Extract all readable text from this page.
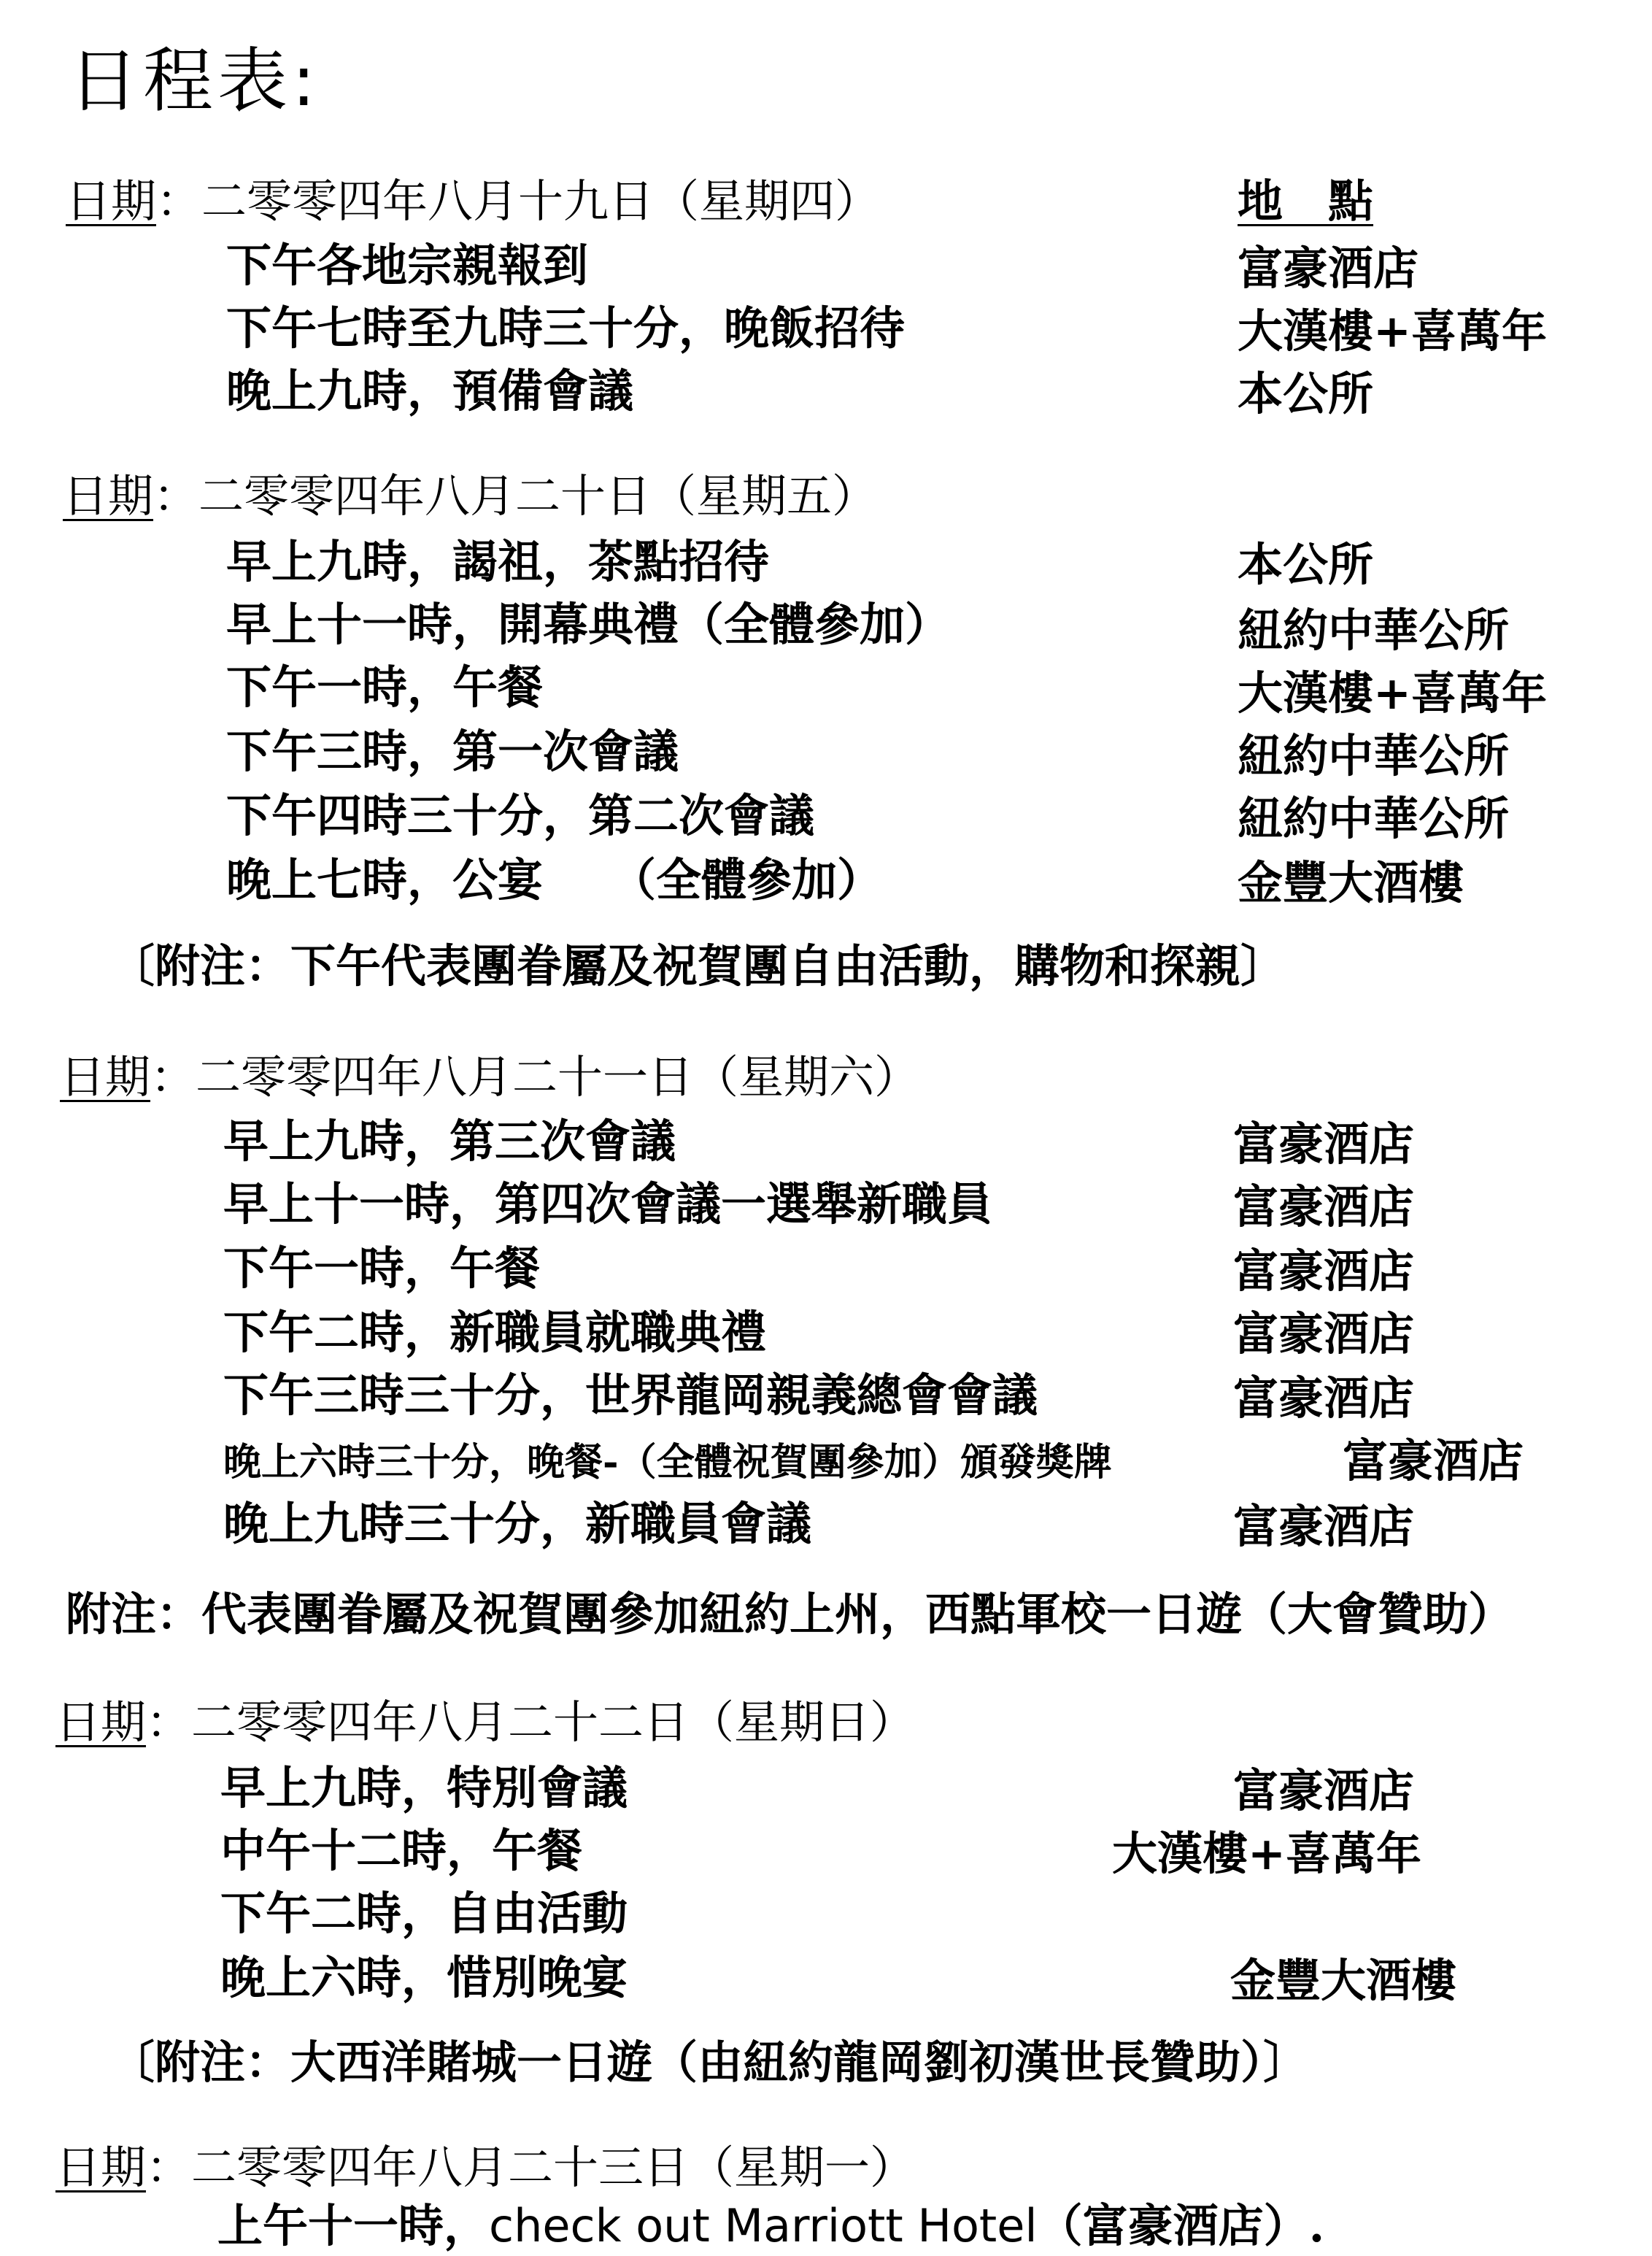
日程表:
日期：二零零四年八月十九日（星期四）	地　點
下午各地宗親報到	富豪酒店
下午七時至九時三十分，晚飯招待	大漢樓+喜萬年
晚上九時，預備會議	本公所
日期：二零零四年八月二十日（星期五）
早上九時，謁祖，茶點招待	本公所
早上十一時，開幕典禮（全體參加）	紐約中華公所
下午一時，午餐	大漢樓+喜萬年
下午三時，第一次會議	紐約中華公所
下午四時三十分，第二次會議	紐約中華公所
晚上七時，公宴　　（全體參加）	金豐大酒樓
〔附注：下午代表團眷屬及祝賀團自由活動，購物和探親〕
日期：二零零四年八月二十一日（星期六）
早上九時，第三次會議	富豪酒店
早上十一時，第四次會議一選舉新職員	富豪酒店
下午一時，午餐	富豪酒店
下午二時，新職員就職典禮	富豪酒店
下午三時三十分，世界龍岡親義總會會議	富豪酒店
晚上六時三十分，晚餐-（全體祝賀團參加）頒發獎牌	富豪酒店
晚上九時三十分，新職員會議	富豪酒店
附注：代表團眷屬及祝賀團參加紐約上州，西點軍校一日遊（大會贊助）
日期：二零零四年八月二十二日（星期日）
早上九時，特別會議	富豪酒店
中午十二時，午餐	大漢樓+喜萬年
下午二時，自由活動
晚上六時，惜別晚宴	金豐大酒樓
〔附注：大西洋賭城一日遊（由紐約龍岡劉初漢世長贊助）〕
日期：二零零四年八月二十三日（星期一）
上午十一時，check out Marriott Hotel（富豪酒店）.
